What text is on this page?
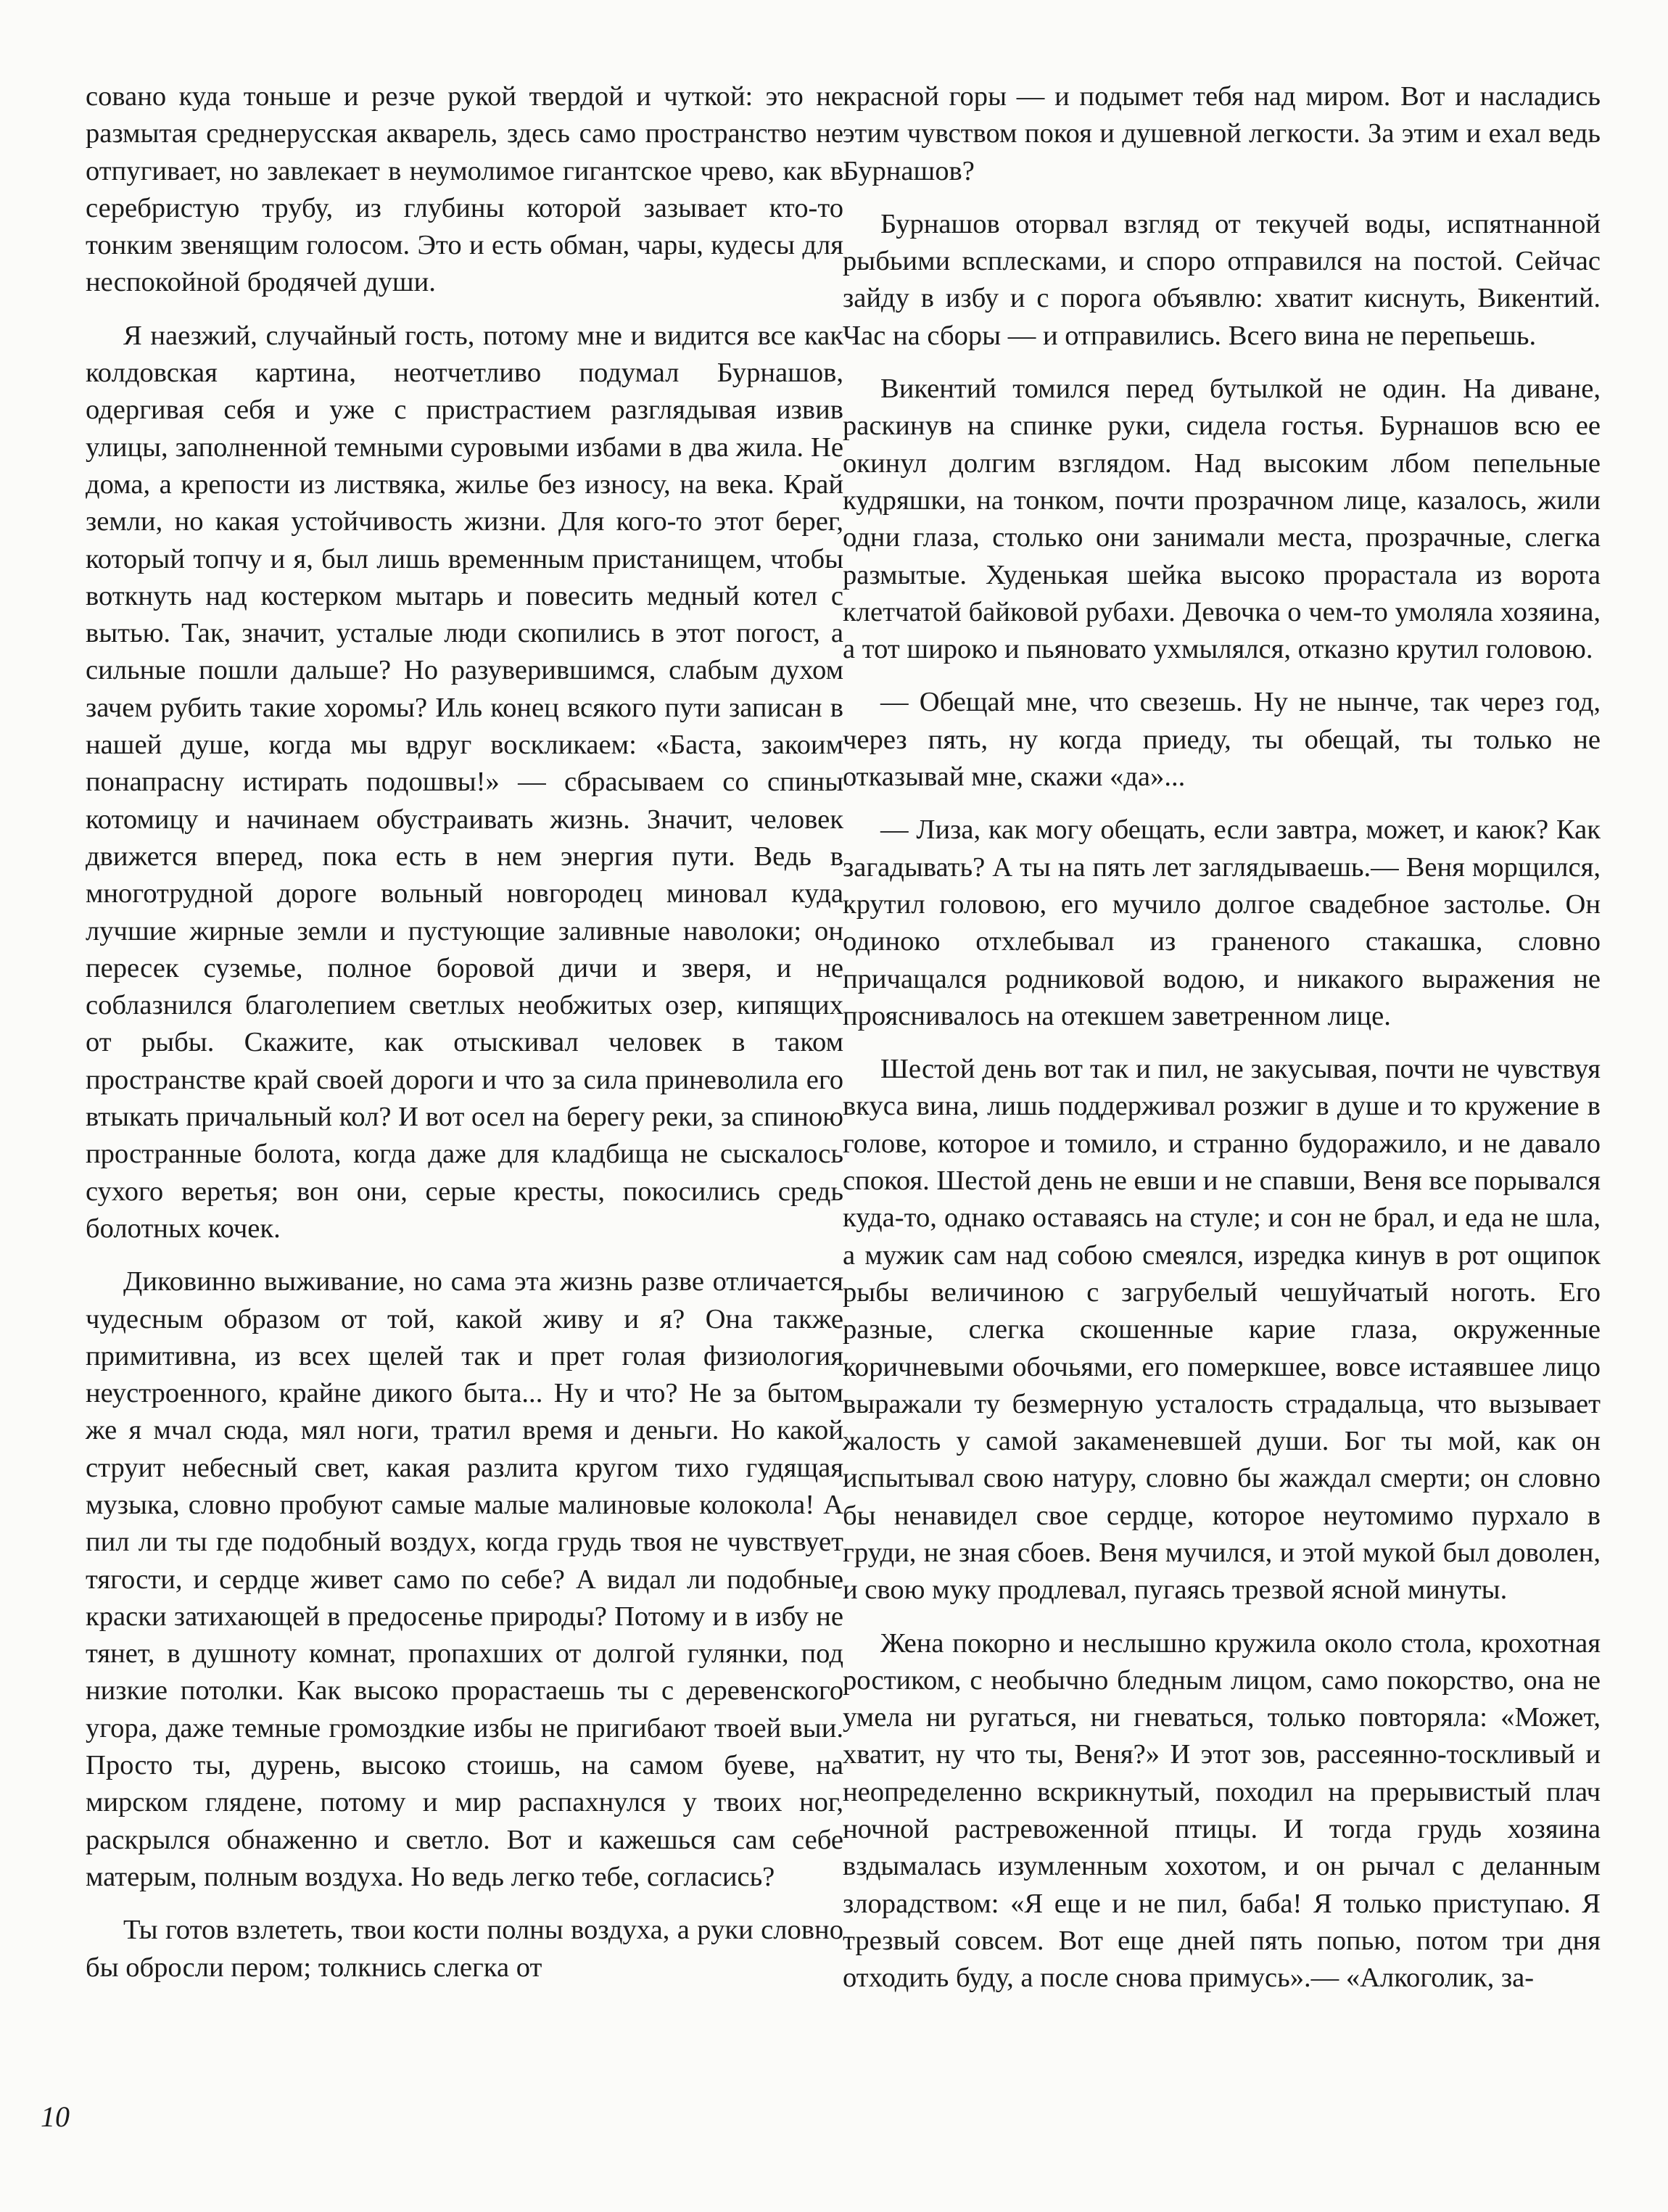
совано куда тоньше и резче рукой твердой и чуткой: это не размытая среднерусская акварель, здесь само пространство не отпугивает, но завлекает в неумолимое гигантское чрево, как в серебристую трубу, из глубины которой зазывает кто-то тонким звенящим голосом. Это и есть обман, чары, кудесы для неспокойной бродячей души.

Я наезжий, случайный гость, потому мне и видится все как колдовская картина, неотчетливо подумал Бурнашов, одергивая себя и уже с пристрастием разглядывая извив улицы, заполненной темными суровыми избами в два жила. Не дома, а крепости из листвяка, жилье без износу, на века. Край земли, но какая устойчивость жизни. Для кого-то этот берег, который топчу и я, был лишь временным пристанищем, чтобы воткнуть над костерком мытарь и повесить медный котел с вытью. Так, значит, усталые люди скопились в этот погост, а сильные пошли дальше? Но разуверившимся, слабым духом зачем рубить такие хоромы? Иль конец всякого пути записан в нашей душе, когда мы вдруг воскликаем: «Баста, закоим понапрасну истирать подошвы!» — сбрасываем со спины котомицу и начинаем обустраивать жизнь. Значит, человек движется вперед, пока есть в нем энергия пути. Ведь в многотрудной дороге вольный новгородец миновал куда лучшие жирные земли и пустующие заливные наволоки; он пересек суземье, полное боровой дичи и зверя, и не соблазнился благолепием светлых необжитых озер, кипящих от рыбы. Скажите, как отыскивал человек в таком пространстве край своей дороги и что за сила приневолила его втыкать причальный кол? И вот осел на берегу реки, за спиною пространные болота, когда даже для кладбища не сыскалось сухого веретья; вон они, серые кресты, покосились средь болотных кочек.

Диковинно выживание, но сама эта жизнь разве отличается чудесным образом от той, какой живу и я? Она также примитивна, из всех щелей так и прет голая физиология неустроенного, крайне дикого быта... Ну и что? Не за бытом же я мчал сюда, мял ноги, тратил время и деньги. Но какой струит небесный свет, какая разлита кругом тихо гудящая музыка, словно пробуют самые малые малиновые колокола! А пил ли ты где подобный воздух, когда грудь твоя не чувствует тягости, и сердце живет само по себе? А видал ли подобные краски затихающей в предосенье природы? Потому и в избу не тянет, в душноту комнат, пропахших от долгой гулянки, под низкие потолки. Как высоко прорастаешь ты с деревенского угора, даже темные громоздкие избы не пригибают твоей выи. Просто ты, дурень, высоко стоишь, на самом буеве, на мирском глядене, потому и мир распахнулся у твоих ног, раскрылся обнаженно и светло. Вот и кажешься сам себе матерым, полным воздуха. Но ведь легко тебе, согласись?

Ты готов взлететь, твои кости полны воздуха, а руки словно бы обросли пером; толкнись слегка от

красной горы — и подымет тебя над миром. Вот и насладись этим чувством покоя и душевной легкости. За этим и ехал ведь Бурнашов?

Бурнашов оторвал взгляд от текучей воды, испятнанной рыбьими всплесками, и споро отправился на постой. Сейчас зайду в избу и с порога объявлю: хватит киснуть, Викентий. Час на сборы — и отправились. Всего вина не перепьешь.

Викентий томился перед бутылкой не один. На диване, раскинув на спинке руки, сидела гостья. Бурнашов всю ее окинул долгим взглядом. Над высоким лбом пепельные кудряшки, на тонком, почти прозрачном лице, казалось, жили одни глаза, столько они занимали места, прозрачные, слегка размытые. Худенькая шейка высоко прорастала из ворота клетчатой байковой рубахи. Девочка о чем-то умоляла хозяина, а тот широко и пьяновато ухмылялся, отказно крутил головою.

— Обещай мне, что свезешь. Ну не нынче, так через год, через пять, ну когда приеду, ты обещай, ты только не отказывай мне, скажи «да»...

— Лиза, как могу обещать, если завтра, может, и каюк? Как загадывать? А ты на пять лет заглядываешь.— Веня морщился, крутил головою, его мучило долгое свадебное застолье. Он одиноко отхлебывал из граненого стакашка, словно причащался родниковой водою, и никакого выражения не прояснивалось на отекшем заветренном лице.

Шестой день вот так и пил, не закусывая, почти не чувствуя вкуса вина, лишь поддерживал розжиг в душе и то кружение в голове, которое и томило, и странно будоражило, и не давало спокоя. Шестой день не евши и не спавши, Веня все порывался куда-то, однако оставаясь на стуле; и сон не брал, и еда не шла, а мужик сам над собою смеялся, изредка кинув в рот ощипок рыбы величиною с загрубелый чешуйчатый ноготь. Его разные, слегка скошенные карие глаза, окруженные коричневыми обочьями, его померкшее, вовсе истаявшее лицо выражали ту безмерную усталость страдальца, что вызывает жалость у самой закаменевшей души. Бог ты мой, как он испытывал свою натуру, словно бы жаждал смерти; он словно бы ненавидел свое сердце, которое неутомимо пурхало в груди, не зная сбоев. Веня мучился, и этой мукой был доволен, и свою муку продлевал, пугаясь трезвой ясной минуты.

Жена покорно и неслышно кружила около стола, крохотная ростиком, с необычно бледным лицом, само покорство, она не умела ни ругаться, ни гневаться, только повторяла: «Может, хватит, ну что ты, Веня?» И этот зов, рассеянно-тоскливый и неопределенно вскрикнутый, походил на прерывистый плач ночной растревоженной птицы. И тогда грудь хозяина вздымалась изумленным хохотом, и он рычал с деланным злорадством: «Я еще и не пил, баба! Я только приступаю. Я трезвый совсем. Вот еще дней пять попью, потом три дня отходить буду, а после снова примусь».— «Алкоголик, за-

10
